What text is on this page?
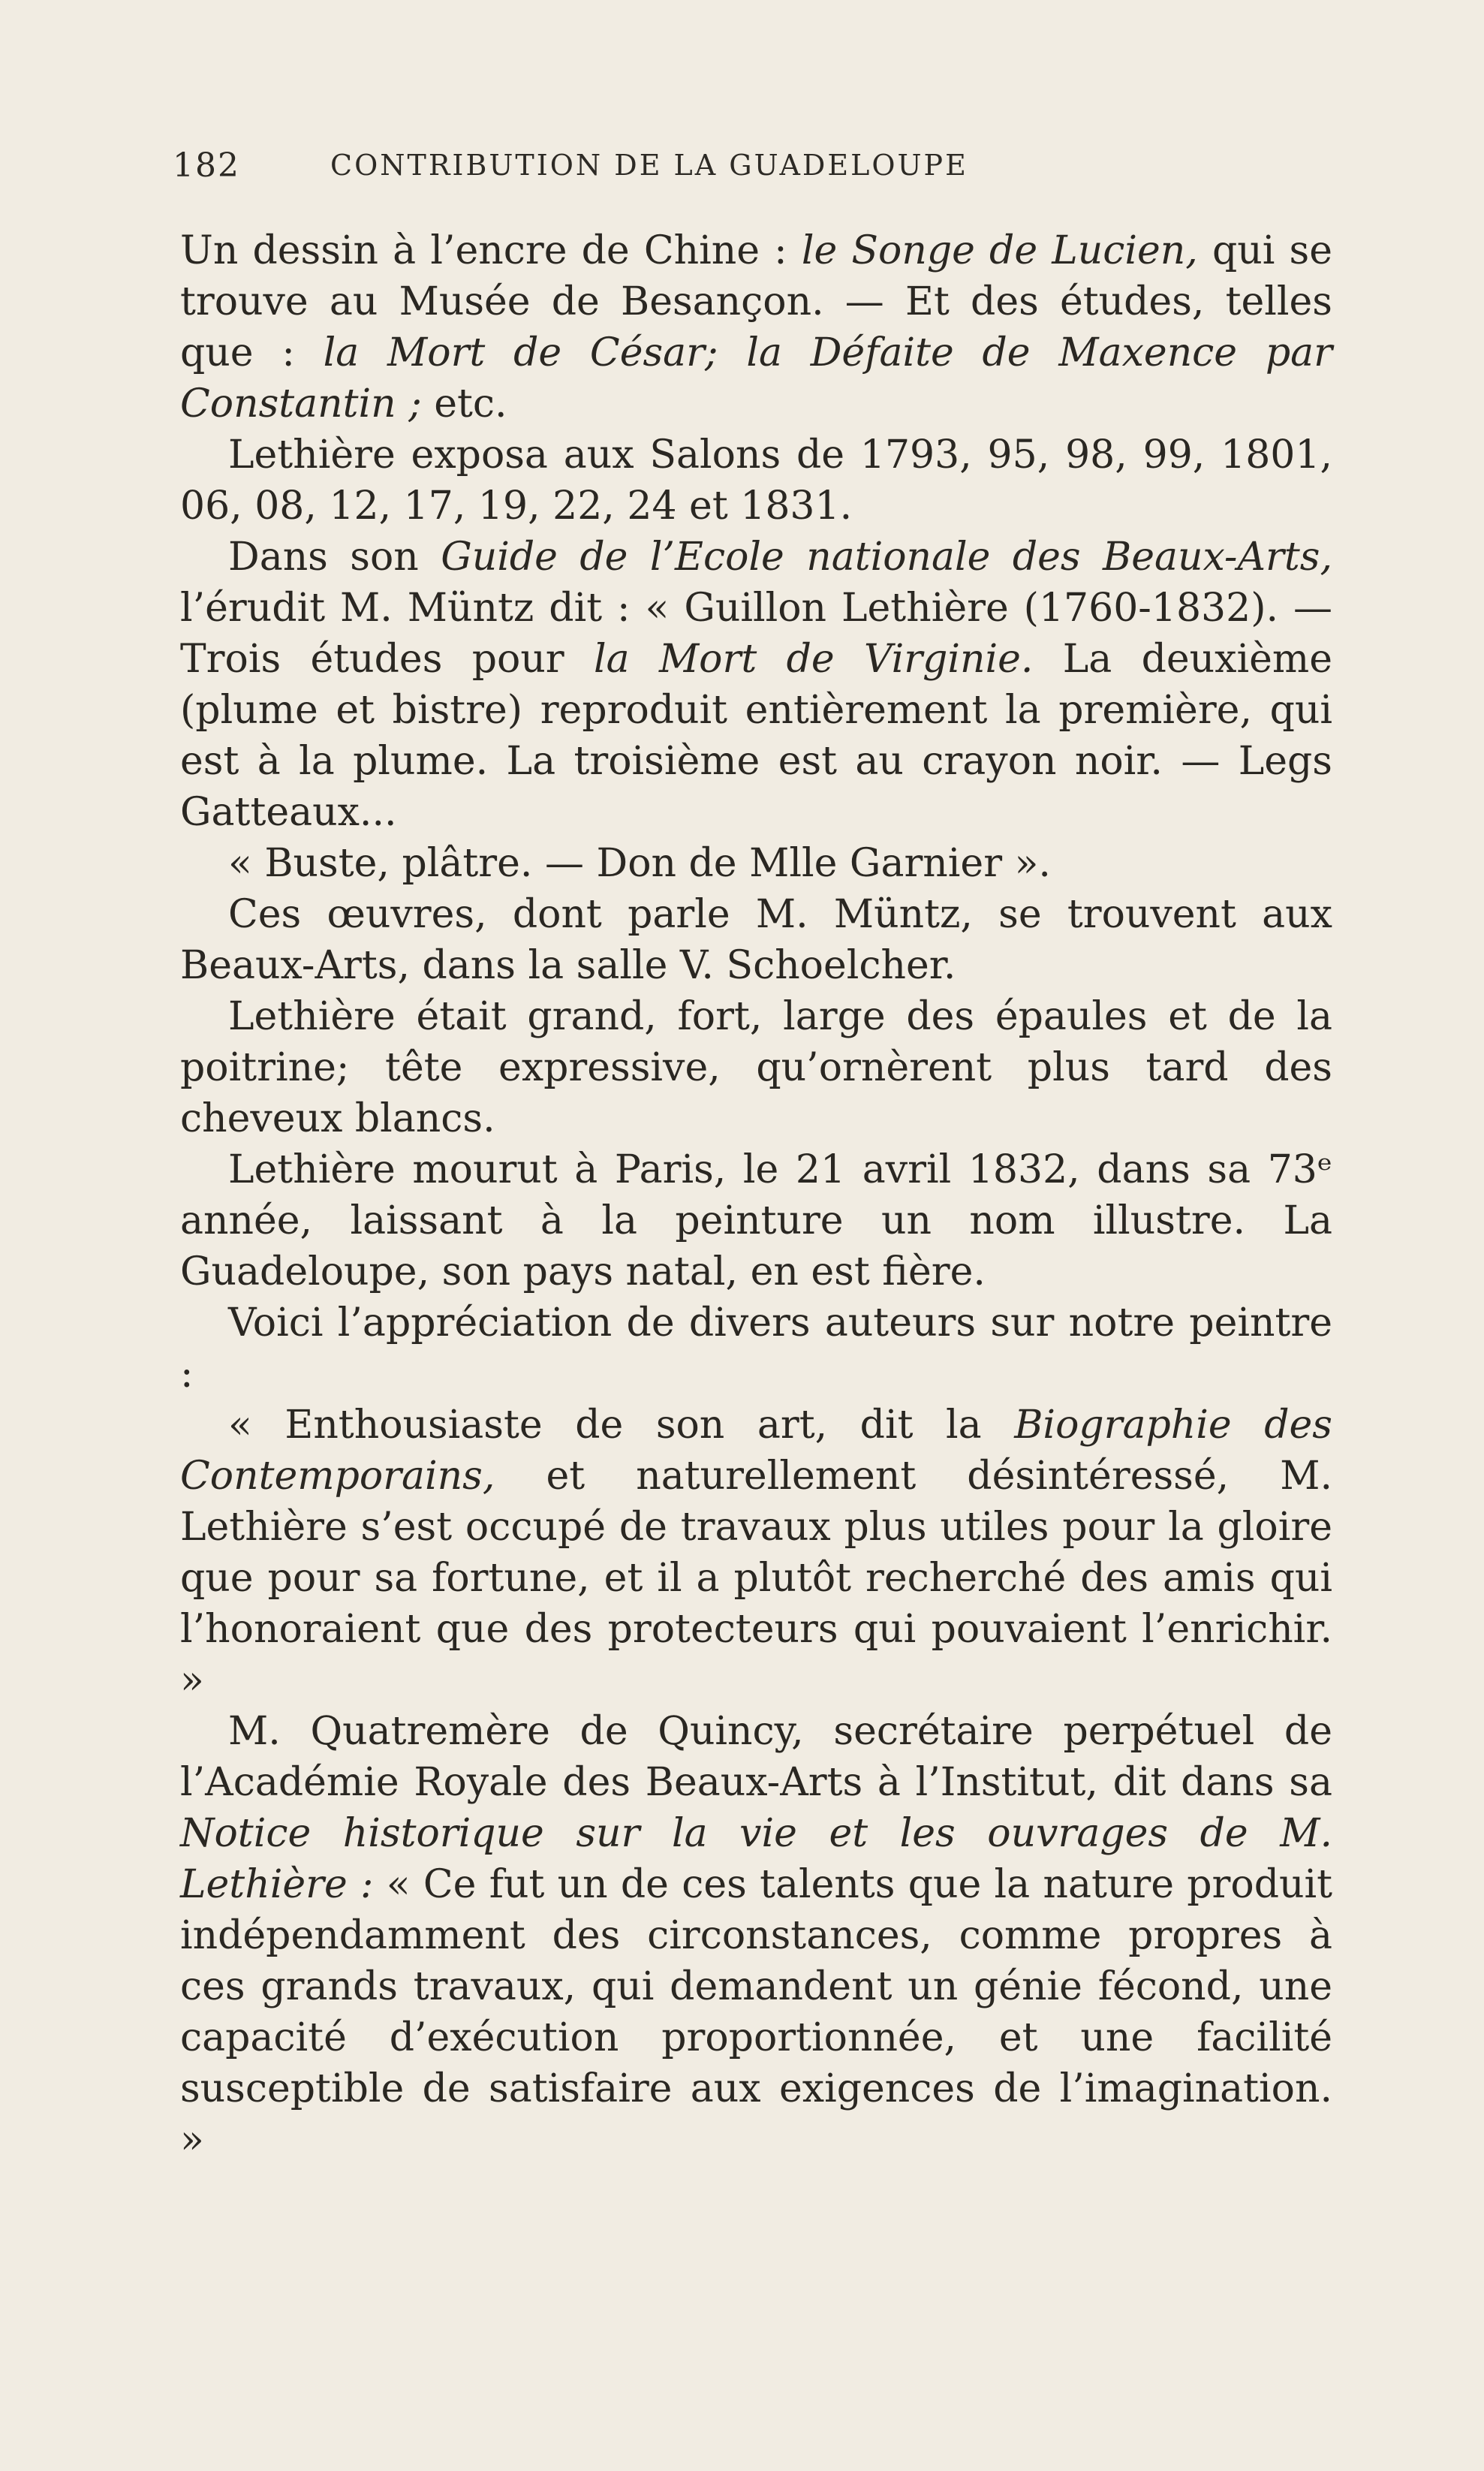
182	CONTRIBUTION DE LA GUADELOUPE

Un dessin à l’encre de Chine : le Songe de Lucien, qui se trouve au Musée de Besançon. — Et des études, telles que : la Mort de César; la Défaite de Maxence par Constantin ; etc.

Lethière exposa aux Salons de 1793, 95, 98, 99, 1801, 06, 08, 12, 17, 19, 22, 24 et 1831.

Dans son Guide de l’Ecole nationale des Beaux-Arts, l’érudit M. Müntz dit : « Guillon Lethière (1760-1832). — Trois études pour la Mort de Virginie. La deuxième (plume et bistre) reproduit entièrement la première, qui est à la plume. La troisième est au crayon noir. — Legs Gatteaux...

« Buste, plâtre. — Don de Mlle Garnier ».

Ces œuvres, dont parle M. Müntz, se trouvent aux Beaux-Arts, dans la salle V. Schoelcher.

Lethière était grand, fort, large des épaules et de la poitrine; tête expressive, qu’ornèrent plus tard des cheveux blancs.

Lethière mourut à Paris, le 21 avril 1832, dans sa 73ᵉ année, laissant à la peinture un nom illustre. La Guadeloupe, son pays natal, en est fière.

Voici l’appréciation de divers auteurs sur notre peintre :

« Enthousiaste de son art, dit la Biographie des Contemporains, et naturellement désintéressé, M. Lethière s’est occupé de travaux plus utiles pour la gloire que pour sa fortune, et il a plutôt recherché des amis qui l’honoraient que des protecteurs qui pouvaient l’enrichir. »

M. Quatremère de Quincy, secrétaire perpétuel de l’Académie Royale des Beaux-Arts à l’Institut, dit dans sa Notice historique sur la vie et les ouvrages de M. Lethière : « Ce fut un de ces talents que la nature produit indépendamment des circonstances, comme propres à ces grands travaux, qui demandent un génie fécond, une capacité d’exécution proportionnée, et une facilité susceptible de satisfaire aux exigences de l’imagination. »
